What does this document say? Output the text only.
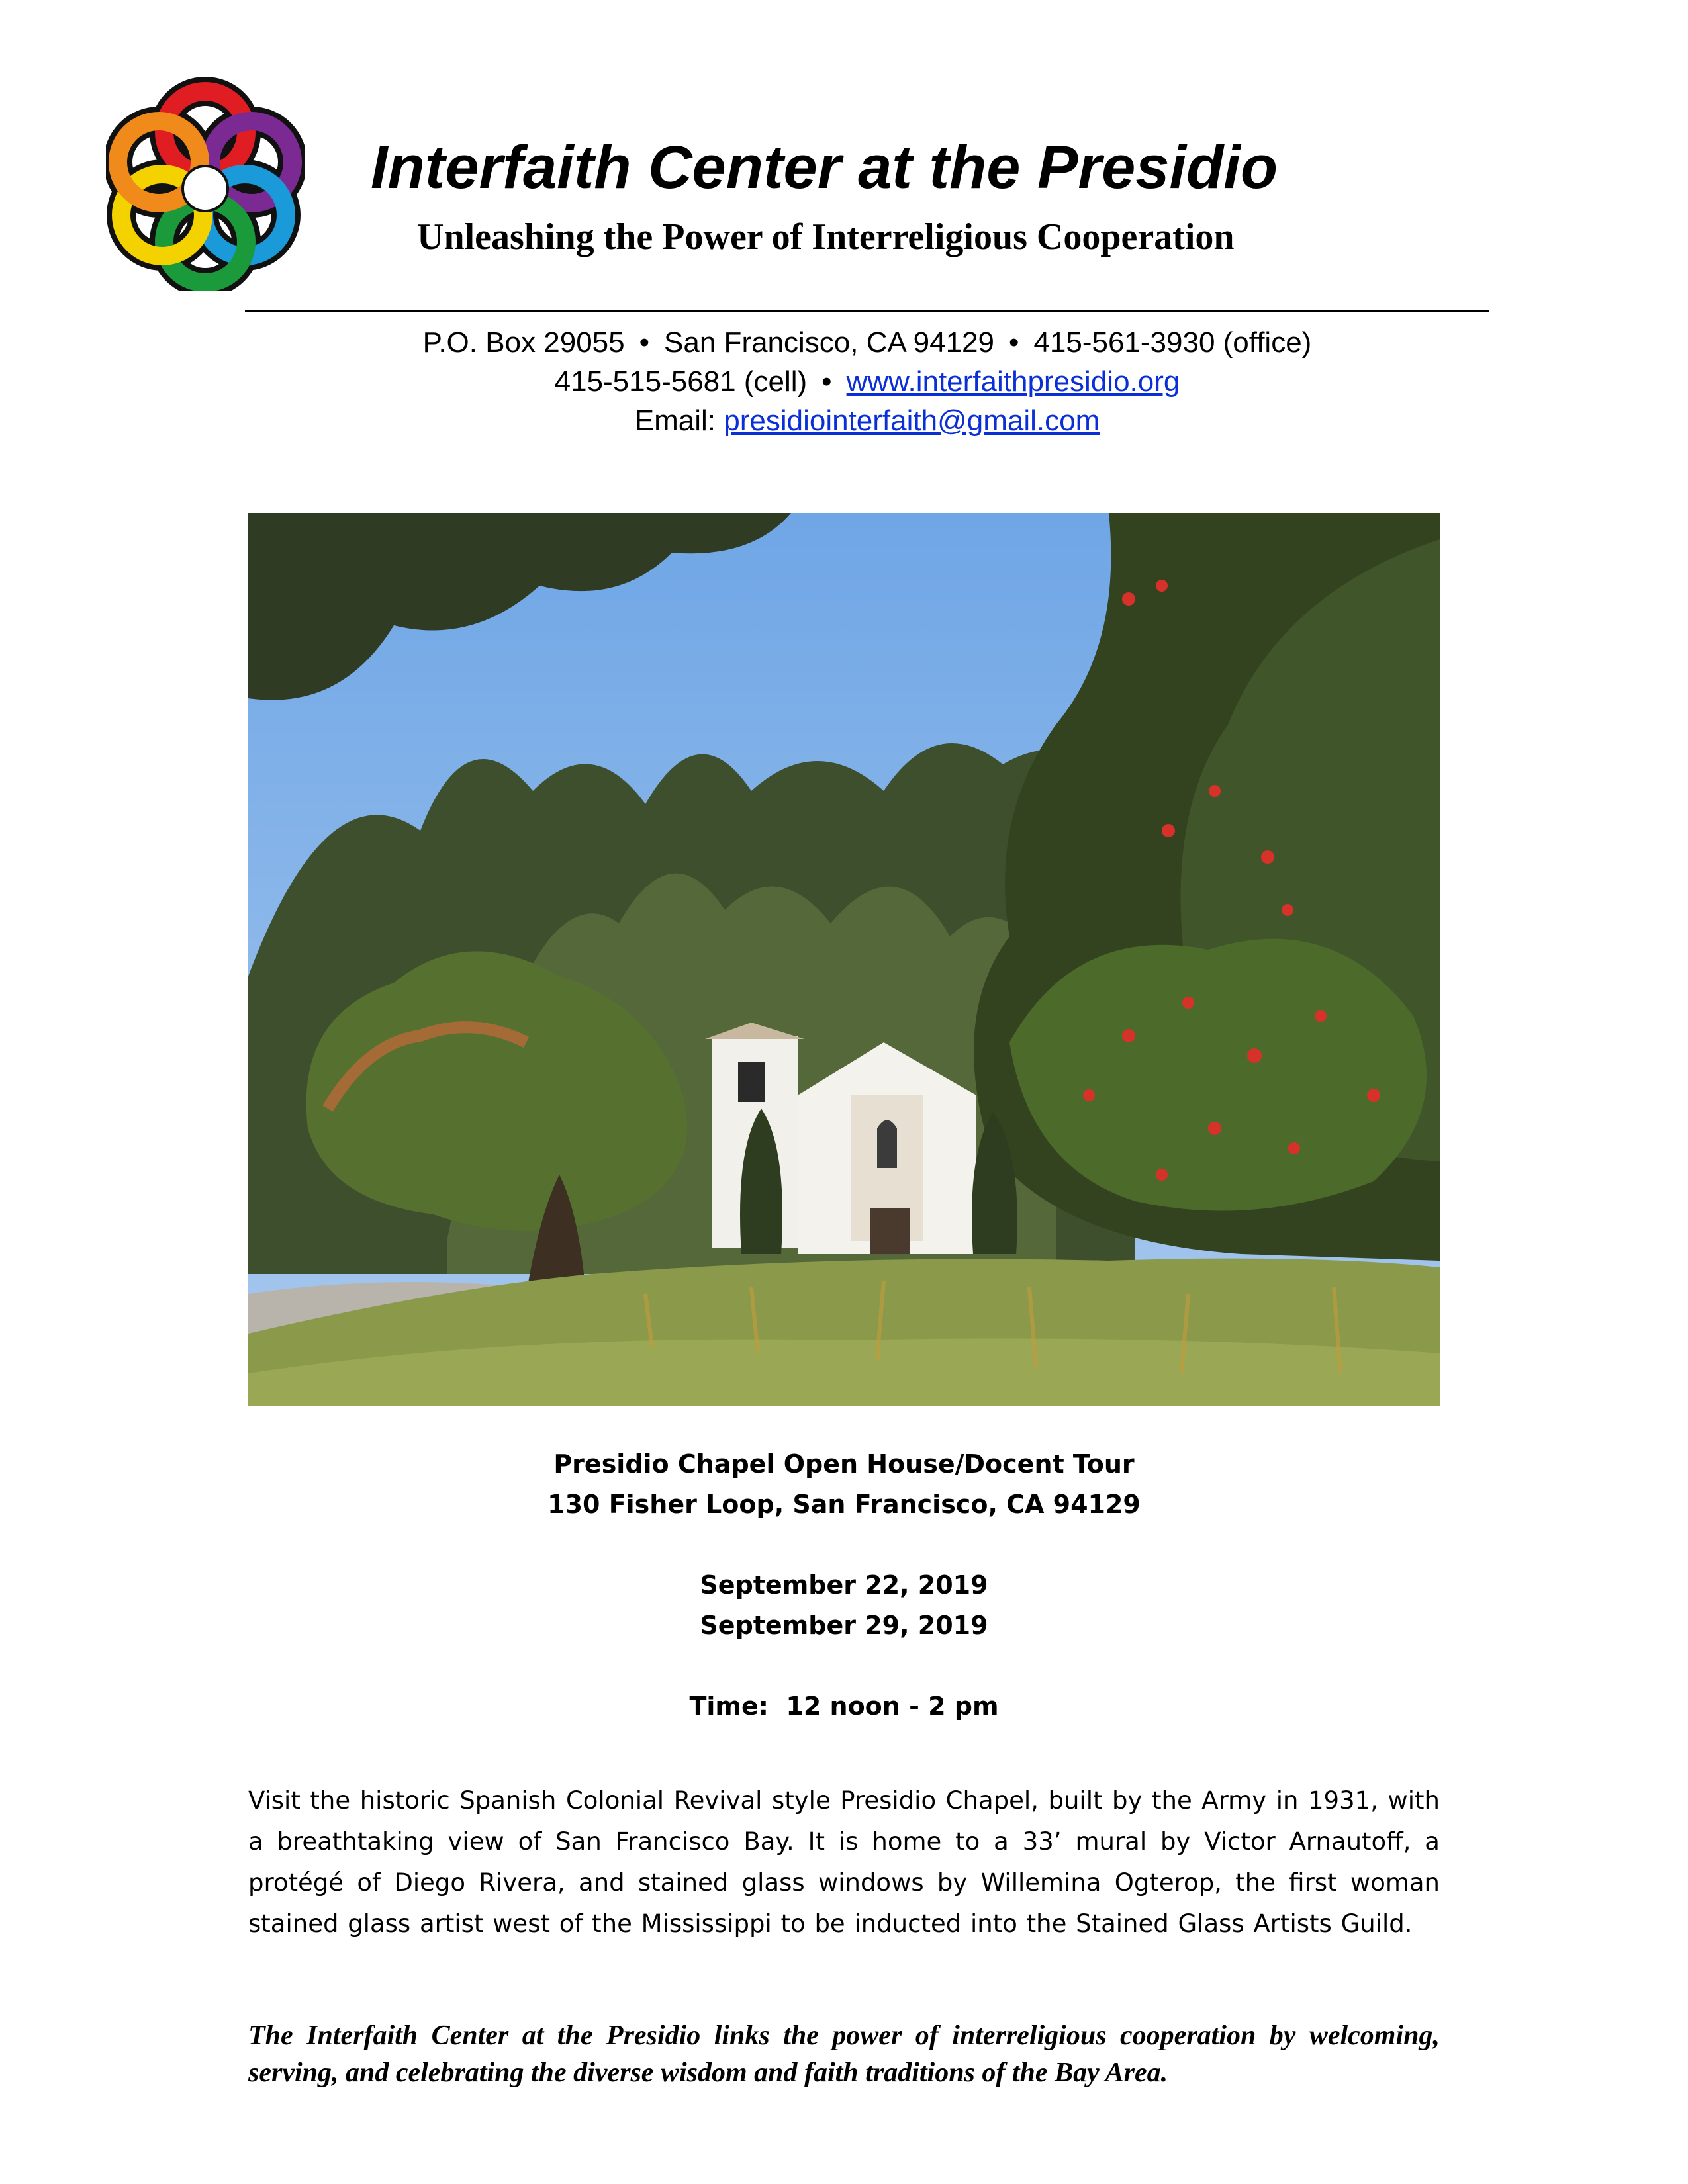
Interfaith Center at the Presidio
Unleashing the Power of Interreligious Cooperation
P.O. Box 29055 • San Francisco, CA 94129 • 415-561-3930 (office)
415-515-5681 (cell) • www.interfaithpresidio.org
Email: presidiointerfaith@gmail.com
Presidio Chapel Open House/Docent Tour
130 Fisher Loop, San Francisco, CA 94129
September 22, 2019
September 29, 2019
Time:  12 noon - 2 pm
Visit the historic Spanish Colonial Revival style Presidio Chapel, built by the Army in 1931, with a breathtaking view of San Francisco Bay. It is home to a 33’ mural by Victor Arnautoff, a protégé of Diego Rivera, and stained glass windows by Willemina Ogterop, the first woman stained glass artist west of the Mississippi to be inducted into the Stained Glass Artists Guild.
The Interfaith Center at the Presidio links the power of interreligious cooperation by welcoming, serving, and celebrating the diverse wisdom and faith traditions of the Bay Area.
